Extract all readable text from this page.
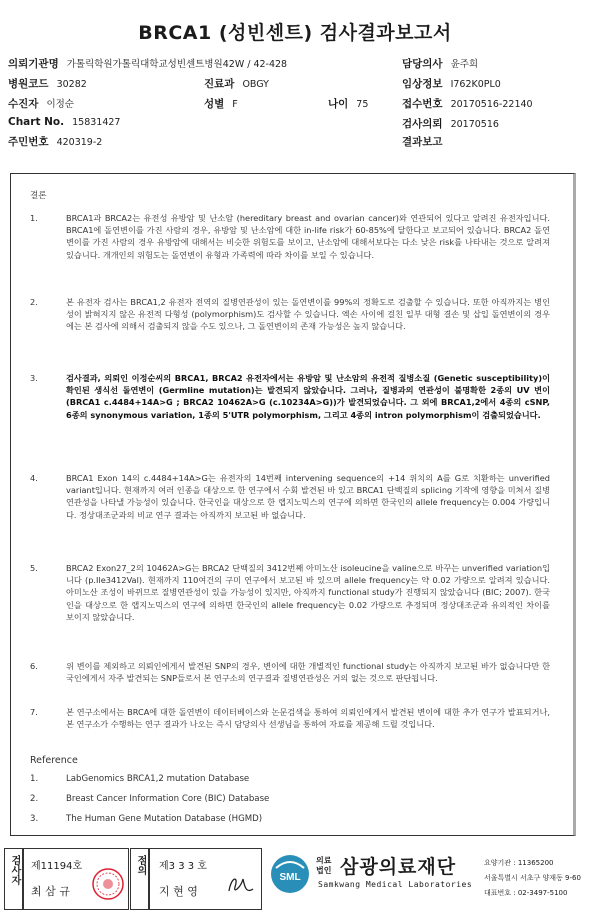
BRCA1 (성빈센트) 검사결과보고서
의뢰기관명 가톨릭학원가톨릭대학교성빈센트병원42W / 42-428	담당의사 윤주희
병원코드 30282	진료과 OBGY	임상정보 I762K0PL0
수진자 이정순	성별 F	나이 75	접수번호 20170516-22140
Chart No. 15831427	검사의뢰 20170516
주민번호 420319-2	결과보고
결론
1.	BRCA1과 BRCA2는 유전성 유방암 및 난소암 (hereditary breast and ovarian cancer)와 연관되어 있다고 알려진 유전자입니다. BRCA1에 돌연변이를 가진 사람의 경우, 유방암 및 난소암에 대한 in-life risk가 60-85%에 달한다고 보고되어 있습니다. BRCA2 돌연변이를 가진 사람의 경우 유방암에 대해서는 비슷한 위험도를 보이고, 난소암에 대해서보다는 다소 낮은 risk를 나타내는 것으로 알려져 있습니다. 개개인의 위험도는 돌연변이 유형과 가족력에 따라 차이를 보일 수 있습니다.
2.	본 유전자 검사는 BRCA1,2 유전자 전역의 질병연관성이 있는 돌연변이를 99%의 정확도로 검출할 수 있습니다. 또한 아직까지는 병인성이 밝혀지지 않은 유전적 다형성 (polymorphism)도 검사할 수 있습니다. 엑손 사이에 걸친 일부 대형 결손 및 삽입 돌연변이의 경우에는 본 검사에 의해서 검출되지 않을 수도 있으나, 그 돌연변이의 존재 가능성은 높지 않습니다.
3.	검사결과, 의뢰인 이정순씨의 BRCA1, BRCA2 유전자에서는 유방암 및 난소암의 유전적 질병소질 (Genetic susceptibility)이 확인된 생식선 돌연변이 (Germline mutation)는 발견되지 않았습니다. 그러나, 질병과의 연관성이 불명확한 2종의 UV 변이 (BRCA1 c.4484+14A>G ; BRCA2 10462A>G (c.10234A>G))가 발견되었습니다. 그 외에 BRCA1,2에서 4종의 cSNP, 6종의 synonymous variation, 1종의 5'UTR polymorphism, 그리고 4종의 intron polymorphism이 검출되었습니다.
4.	BRCA1 Exon 14의 c.4484+14A>G는 유전자의 14번째 intervening sequence의 +14 위치의 A를 G로 치환하는 unverified variant입니다. 현재까지 여러 인종을 대상으로 한 연구에서 수회 발견된 바 있고 BRCA1 단백질의 splicing 기작에 영향을 미쳐서 질병연관성을 나타낼 가능성이 있습니다. 한국인을 대상으로 한 랩지노믹스의 연구에 의하면 한국인의 allele frequency는 0.004 가량입니다. 정상대조군과의 비교 연구 결과는 아직까지 보고된 바 없습니다.
5.	BRCA2 Exon27_2의 10462A>G는 BRCA2 단백질의 3412번째 아미노산 isoleucine을 valine으로 바꾸는 unverified variation입니다 (p.Ile3412Val). 현재까지 110여건의 구미 연구에서 보고된 바 있으며 allele frequency는 약 0.02 가량으로 알려져 있습니다. 아미노산 조성이 바뀌므로 질병연관성이 있을 가능성이 있지만, 아직까지 functional study가 진행되지 않았습니다 (BIC; 2007). 한국인을 대상으로 한 랩지노믹스의 연구에 의하면 한국인의 allele frequency는 0.02 가량으로 추정되며 정상대조군과 유의적인 차이를 보이지 않았습니다.
6.	위 변이를 제외하고 의뢰인에게서 발견된 SNP의 경우, 변이에 대한 개별적인 functional study는 아직까지 보고된 바가 없습니다만 한국인에게서 자주 발견되는 SNP들로서 본 연구소의 연구결과 질병연관성은 거의 없는 것으로 판단됩니다.
7.	본 연구소에서는 BRCA에 대한 돌연변이 데이터베이스와 논문검색을 통하여 의뢰인에게서 발견된 변이에 대한 추가 연구가 발표되거나, 본 연구소가 수행하는 연구 결과가 나오는 즉시 담당의사 선생님을 통하여 자료를 제공해 드릴 것입니다.
Reference
1.	LabGenomics BRCA1,2 mutation Database
2.	Breast Cancer Information Core (BIC) Database
3.	The Human Gene Mutation Database (HGMD)
검사자 제11194호
최 삼 규
점의 제3 3 3 호
지 현 영
SML
의료법인 삼광의료재단
Samkwang Medical Laboratories
요양기관 : 11365200
서울특별시 서초구 양재동 9-60
대표번호 : 02-3497-5100
